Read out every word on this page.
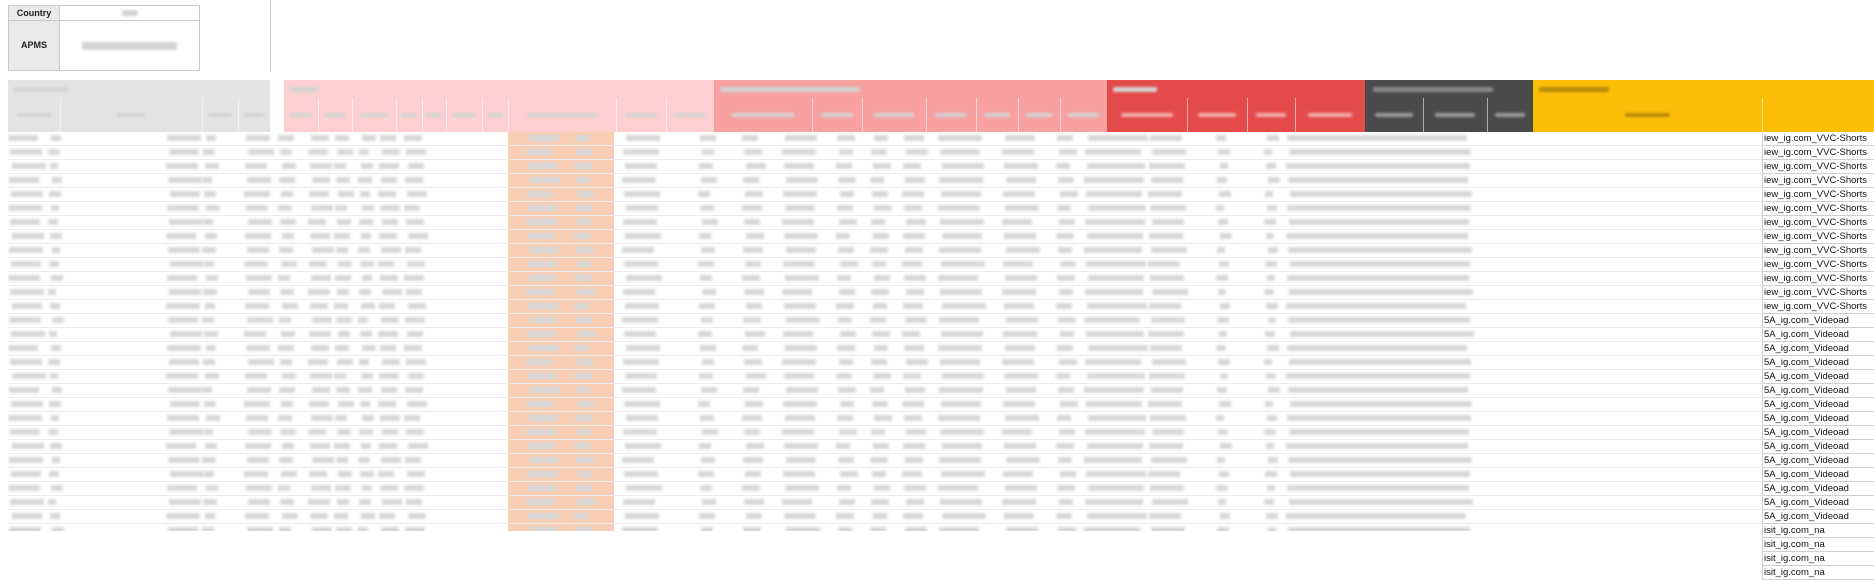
Country
APMS
iew_ig.com_VVC-Shorts
iew_ig.com_VVC-Shorts
iew_ig.com_VVC-Shorts
iew_ig.com_VVC-Shorts
iew_ig.com_VVC-Shorts
iew_ig.com_VVC-Shorts
iew_ig.com_VVC-Shorts
iew_ig.com_VVC-Shorts
iew_ig.com_VVC-Shorts
iew_ig.com_VVC-Shorts
iew_ig.com_VVC-Shorts
iew_ig.com_VVC-Shorts
iew_ig.com_VVC-Shorts
5A_ig.com_Videoad
5A_ig.com_Videoad
5A_ig.com_Videoad
5A_ig.com_Videoad
5A_ig.com_Videoad
5A_ig.com_Videoad
5A_ig.com_Videoad
5A_ig.com_Videoad
5A_ig.com_Videoad
5A_ig.com_Videoad
5A_ig.com_Videoad
5A_ig.com_Videoad
5A_ig.com_Videoad
5A_ig.com_Videoad
5A_ig.com_Videoad
isit_ig.com_na
isit_ig.com_na
isit_ig.com_na
isit_ig.com_na
